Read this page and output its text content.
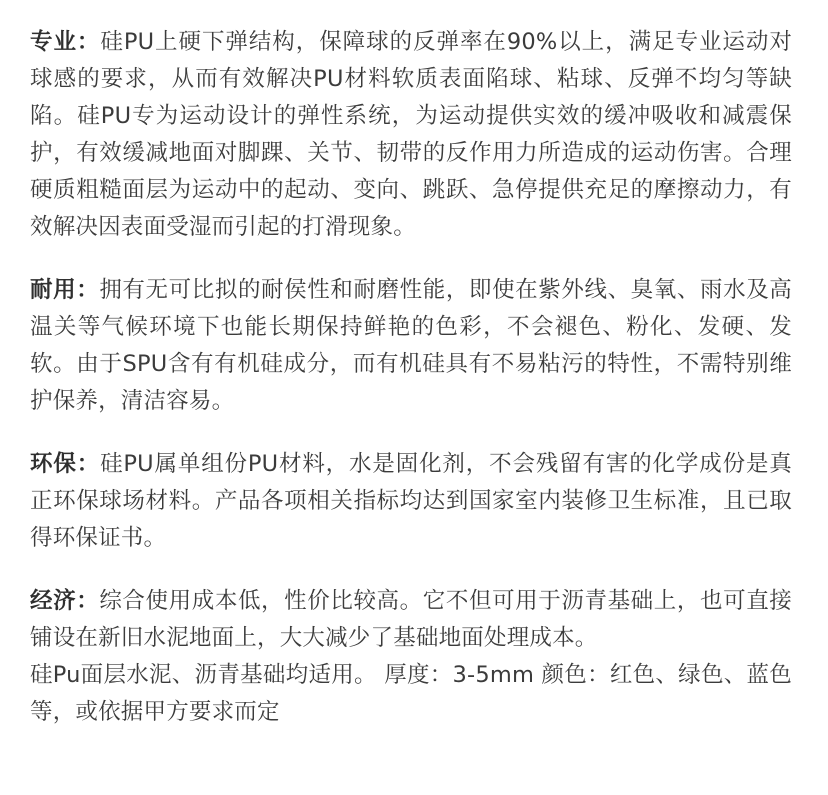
专业：硅PU上硬下弹结构，保障球的反弹率在90%以上，满足专业运动对球感的要求，从而有效解决PU材料软质表面陷球、粘球、反弹不均匀等缺陷。硅PU专为运动设计的弹性系统，为运动提供实效的缓冲吸收和减震保护，有效缓减地面对脚踝、关节、韧带的反作用力所造成的运动伤害。合理硬质粗糙面层为运动中的起动、变向、跳跃、急停提供充足的摩擦动力，有效解决因表面受湿而引起的打滑现象。

耐用：拥有无可比拟的耐侯性和耐磨性能，即使在紫外线、臭氧、雨水及高温关等气候环境下也能长期保持鲜艳的色彩，不会褪色、粉化、发硬、发软。由于SPU含有有机硅成分，而有机硅具有不易粘污的特性，不需特别维护保养，清洁容易。

环保：硅PU属单组份PU材料，水是固化剂，不会残留有害的化学成份是真正环保球场材料。产品各项相关指标均达到国家室内装修卫生标准，且已取得环保证书。

经济：综合使用成本低，性价比较高。它不但可用于沥青基础上，也可直接铺设在新旧水泥地面上，大大减少了基础地面处理成本。

硅Pu面层水泥、沥青基础均适用。 厚度：3-5mm 颜色：红色、绿色、蓝色等，或依据甲方要求而定
